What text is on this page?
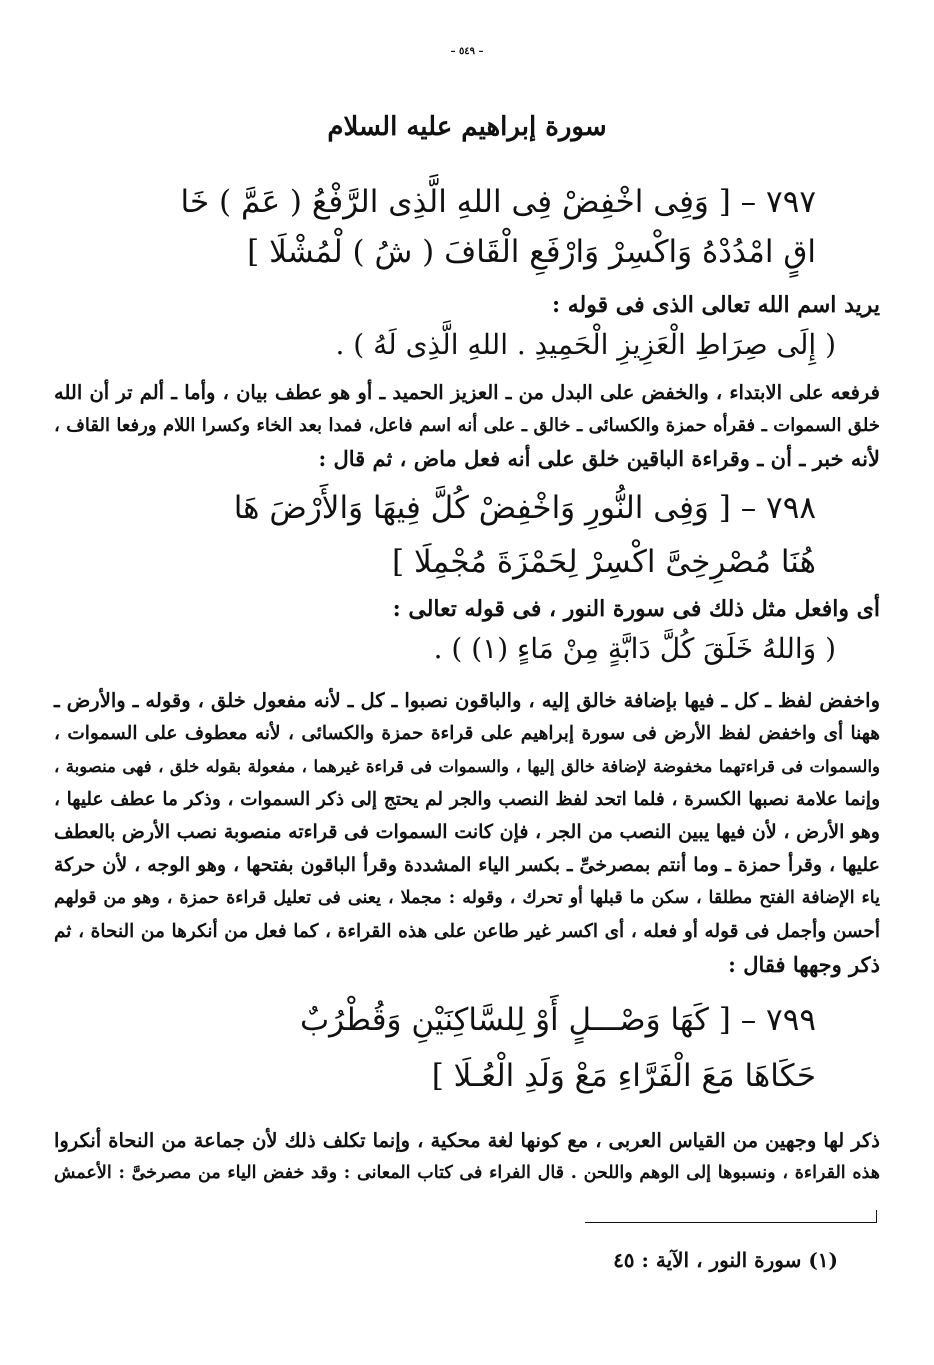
– ٥٤٩ –
سورة إبراهيم عليه السلام
٧٩٧ – [ وَفِى اخْفِضْ فِى اللهِ الَّذِى الرَّفْعُ ( عَمَّ ) خَا
اقٍ امْدُدْهُ وَاكْسِرْ وَارْفَعِ الْقَافَ ( شُ ) لْمُشْلَا ]
يريد اسم الله تعالى الذى فى قوله :
( إِلَى صِرَاطِ الْعَزِيزِ الْحَمِيدِ . اللهِ الَّذِى لَهُ ) .
فرفعه على الابتداء ، والخفض على البدل من ـ العزيز الحميد ـ أو هو عطف بيان ، وأما ـ ألم تر أن الله
خلق السموات ـ فقرأه حمزة والكسائى ـ خالق ـ على أنه اسم فاعل، فمدا بعد الخاء وكسرا اللام ورفعا القاف ،
لأنه خبر ـ أن ـ وقراءة الباقين خلق على أنه فعل ماض ، ثم قال :
٧٩٨ – [ وَفِى النُّورِ وَاخْفِضْ كُلَّ فِيهَا وَالأَرْضَ هَا
هُنَا مُصْرِخِىَّ اكْسِرْ لِحَمْزَةَ مُجْمِلَا ]
أى وافعل مثل ذلك فى سورة النور ، فى قوله تعالى :
( وَاللهُ خَلَقَ كُلَّ دَابَّةٍ مِنْ مَاءٍ (١) ) .
واخفض لفظ ـ كل ـ فيها بإضافة خالق إليه ، والباقون نصبوا ـ كل ـ لأنه مفعول خلق ، وقوله ـ والأرض ـ
ههنا أى واخفض لفظ الأرض فى سورة إبراهيم على قراءة حمزة والكسائى ، لأنه معطوف على السموات ،
والسموات فى قراءتهما مخفوضة لإضافة خالق إليها ، والسموات فى قراءة غيرهما ، مفعولة بقوله خلق ، فهى منصوبة ،
وإنما علامة نصبها الكسرة ، فلما اتحد لفظ النصب والجر لم يحتج إلى ذكر السموات ، وذكر ما عطف عليها ،
وهو الأرض ، لأن فيها يبين النصب من الجر ، فإن كانت السموات فى قراءته منصوبة نصب الأرض بالعطف
عليها ، وقرأ حمزة ـ وما أنتم بمصرخىِّ ـ بكسر الياء المشددة وقرأ الباقون بفتحها ، وهو الوجه ، لأن حركة
ياء الإضافة الفتح مطلقا ، سكن ما قبلها أو تحرك ، وقوله : مجملا ، يعنى فى تعليل قراءة حمزة ، وهو من قولهم
أحسن وأجمل فى قوله أو فعله ، أى اكسر غير طاعن على هذه القراءة ، كما فعل من أنكرها من النحاة ، ثم
ذكر وجهها فقال :
٧٩٩ – [ كَهَا وَصْـــلٍ أَوْ لِلسَّاكِنَيْنِ وَقُطْرُبٌ
حَكَاهَا مَعَ الْفَرَّاءِ مَعْ وَلَدِ الْعُـلَا ]
ذكر لها وجهين من القياس العربى ، مع كونها لغة محكية ، وإنما تكلف ذلك لأن جماعة من النحاة أنكروا
هذه القراءة ، ونسبوها إلى الوهم واللحن . قال الفراء فى كتاب المعانى : وقد خفض الياء من مصرخىَّ : الأعمش
(١) سورة النور ، الآية : ٤٥
